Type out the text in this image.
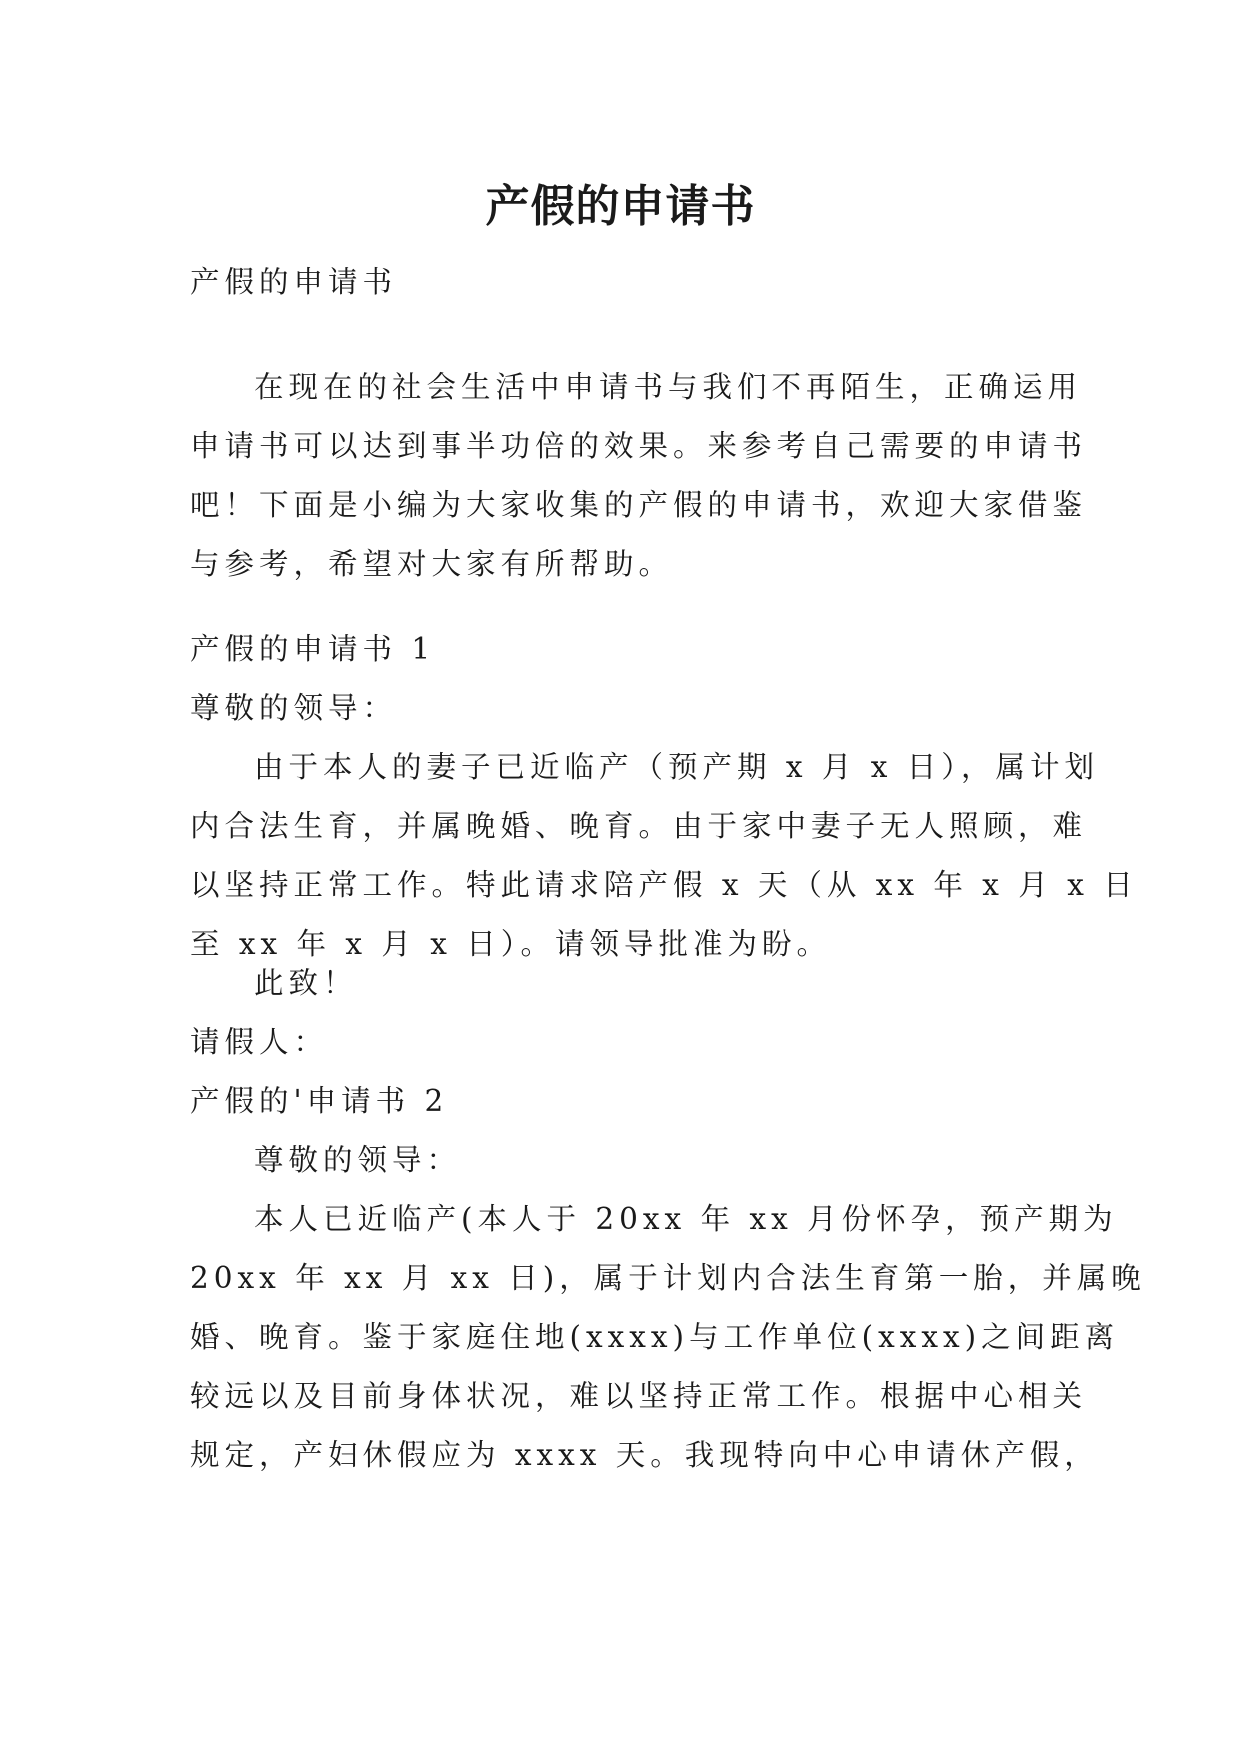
产假的申请书

产假的申请书

在现在的社会生活中申请书与我们不再陌生，正确运用
申请书可以达到事半功倍的效果。来参考自己需要的申请书
吧！下面是小编为大家收集的产假的申请书，欢迎大家借鉴
与参考，希望对大家有所帮助。

产假的申请书 1

尊敬的领导：

由于本人的妻子已近临产（预产期 x 月 x 日），属计划
内合法生育，并属晚婚、晚育。由于家中妻子无人照顾，难
以坚持正常工作。特此请求陪产假 x 天（从 xx 年 x 月 x 日
至 xx 年 x 月 x 日）。请领导批准为盼。

此致！

请假人：

产假的'申请书 2

尊敬的领导：

本人已近临产(本人于 20xx 年 xx 月份怀孕，预产期为
20xx 年 xx 月 xx 日)，属于计划内合法生育第一胎，并属晚
婚、晚育。鉴于家庭住地(xxxx)与工作单位(xxxx)之间距离
较远以及目前身体状况，难以坚持正常工作。根据中心相关
规定，产妇休假应为 xxxx 天。我现特向中心申请休产假，
